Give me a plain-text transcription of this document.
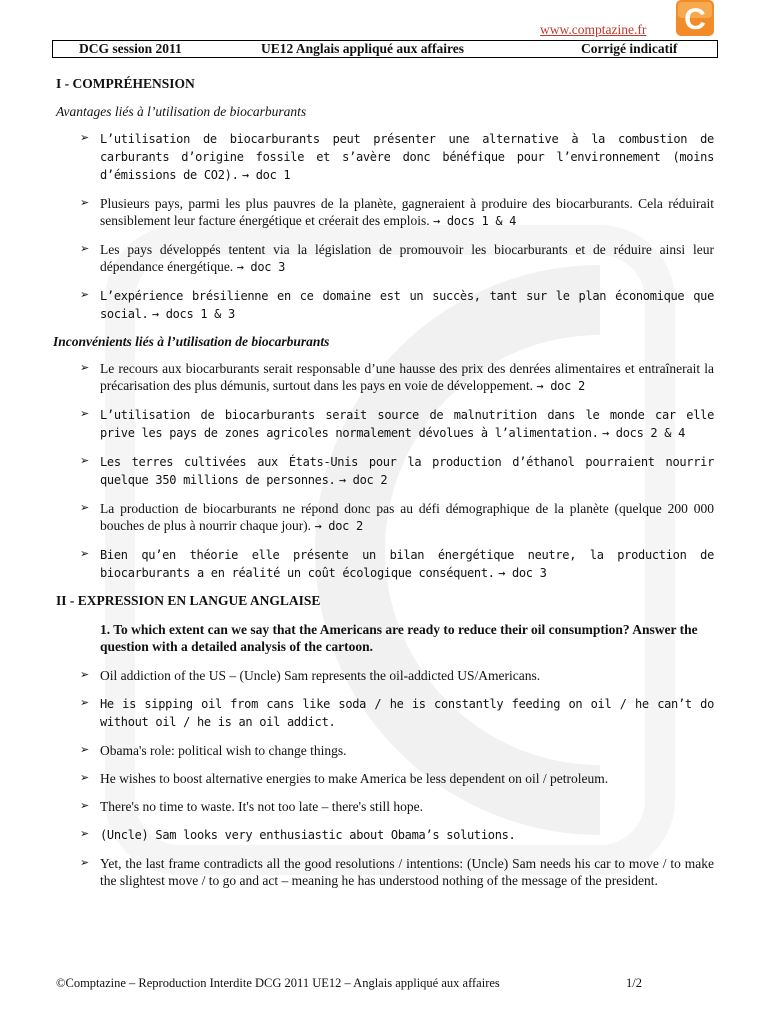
www.comptazine.fr C
DCG session 2011	UE12 Anglais appliqué aux affaires	Corrigé indicatif
I - COMPRÉHENSION
Avantages liés à l’utilisation de biocarburants
➢ L’utilisation de biocarburants peut présenter une alternative à la combustion de carburants d’origine fossile et s’avère donc bénéfique pour l’environnement (moins d’émissions de CO2). → doc 1
➢ Plusieurs pays, parmi les plus pauvres de la planète, gagneraient à produire des biocarburants. Cela réduirait sensiblement leur facture énergétique et créerait des emplois. → docs 1 & 4
➢ Les pays développés tentent via la législation de promouvoir les biocarburants et de réduire ainsi leur dépendance énergétique. → doc 3
➢ L’expérience brésilienne en ce domaine est un succès, tant sur le plan économique que social. → docs 1 & 3
Inconvénients liés à l’utilisation de biocarburants
➢ Le recours aux biocarburants serait responsable d’une hausse des prix des denrées alimentaires et entraînerait la précarisation des plus démunis, surtout dans les pays en voie de développement. → doc 2
➢ L’utilisation de biocarburants serait source de malnutrition dans le monde car elle prive les pays de zones agricoles normalement dévolues à l’alimentation. → docs 2 & 4
➢ Les terres cultivées aux États-Unis pour la production d’éthanol pourraient nourrir quelque 350 millions de personnes. → doc 2
➢ La production de biocarburants ne répond donc pas au défi démographique de la planète (quelque 200 000 bouches de plus à nourrir chaque jour). → doc 2
➢ Bien qu’en théorie elle présente un bilan énergétique neutre, la production de biocarburants a en réalité un coût écologique conséquent. → doc 3
II - EXPRESSION EN LANGUE ANGLAISE
1. To which extent can we say that the Americans are ready to reduce their oil consumption? Answer the question with a detailed analysis of the cartoon.
➢ Oil addiction of the US – (Uncle) Sam represents the oil-addicted US/Americans.
➢ He is sipping oil from cans like soda / he is constantly feeding on oil / he can’t do without oil / he is an oil addict.
➢ Obama's role: political wish to change things.
➢ He wishes to boost alternative energies to make America be less dependent on oil / petroleum.
➢ There's no time to waste. It's not too late – there's still hope.
➢ (Uncle) Sam looks very enthusiastic about Obama’s solutions.
➢ Yet, the last frame contradicts all the good resolutions / intentions: (Uncle) Sam needs his car to move / to make the slightest move / to go and act – meaning he has understood nothing of the message of the president.
©Comptazine – Reproduction Interdite DCG 2011 UE12 – Anglais appliqué aux affaires	1/2
